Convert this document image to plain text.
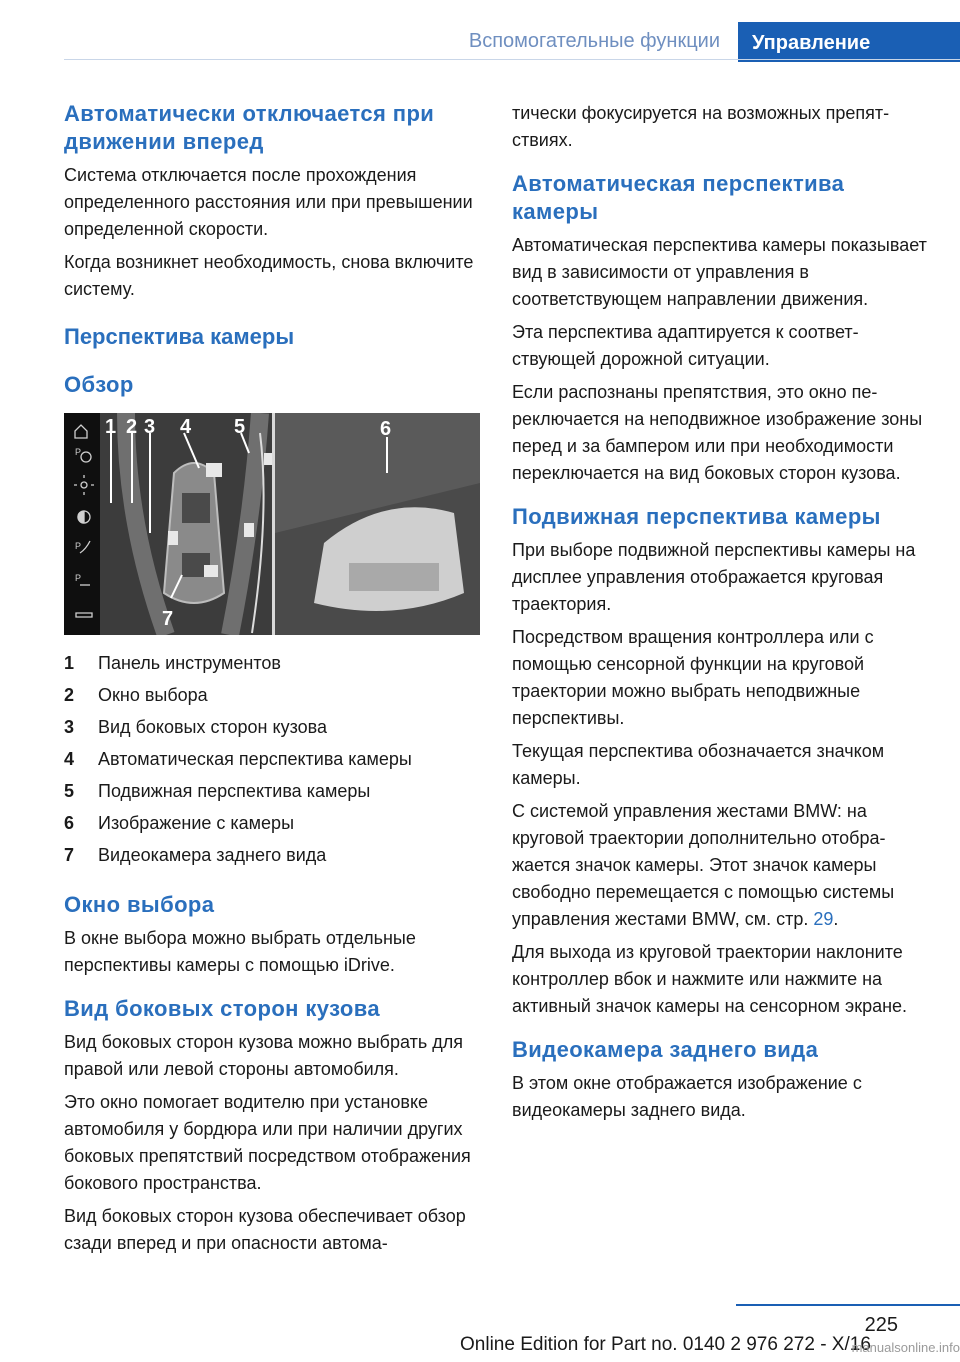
Вспомогательные функции	Управление
Автоматически отключается при движении вперед

Система отключается после прохождения определенного расстояния или при превышении определенной скорости.

Когда возникнет необходимость, снова включите систему.

Перспектива камеры
Обзор
P
P
P
1 2 3 4 5	6
7
1	Панель инструментов
2	Окно выбора
3	Вид боковых сторон кузова
4	Автоматическая перспектива камеры
5	Подвижная перспектива камеры
6	Изображение с камеры
7	Видеокамера заднего вида
Окно выбора

В окне выбора можно выбрать отдельные перспективы камеры с помощью iDrive.

Вид боковых сторон кузова

Вид боковых сторон кузова можно выбрать для правой или левой стороны автомобиля.

Это окно помогает водителю при установке автомобиля у бордюра или при наличии других боковых препятствий посредством отображения бокового пространства.

Вид боковых сторон кузова обеспечивает обзор сзади вперед и при опасности автома-

тически фокусируется на возможных препятствиях.

Автоматическая перспектива камеры

Автоматическая перспектива камеры показывает вид в зависимости от управления в соответствующем направлении движения.

Эта перспектива адаптируется к соответствующей дорожной ситуации.

Если распознаны препятствия, это окно переключается на неподвижное изображение зоны перед и за бампером или при необходимости переключается на вид боковых сторон кузова.

Подвижная перспектива камеры

При выборе подвижной перспективы камеры на дисплее управления отображается круговая траектория.

Посредством вращения контроллера или с помощью сенсорной функции на круговой траектории можно выбрать неподвижные перспективы.

Текущая перспектива обозначается значком камеры.

С системой управления жестами BMW: на круговой траектории дополнительно отображается значок камеры. Этот значок камеры свободно перемещается с помощью системы управления жестами BMW, см. стр. 29.

Для выхода из круговой траектории наклоните контроллер вбок и нажмите или нажмите на активный значок камеры на сенсорном экране.

Видеокамера заднего вида

В этом окне отображается изображение с видеокамеры заднего вида.

225
Online Edition for Part no. 0140 2 976 272 - X/16
manualsonline.info
